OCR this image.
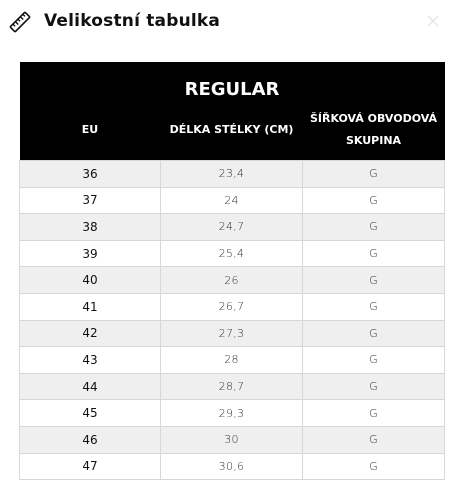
Velikostní tabulka
REGULAR		
EU	DÉLKA STÉLKY (CM)	ŠÍŘKOVÁ OBVODOVÁ SKUPINA
36	23,4	G
37	24	G
38	24,7	G
39	25,4	G
40	26	G
41	26,7	G
42	27,3	G
43	28	G
44	28,7	G
45	29,3	G
46	30	G
47	30,6	G
